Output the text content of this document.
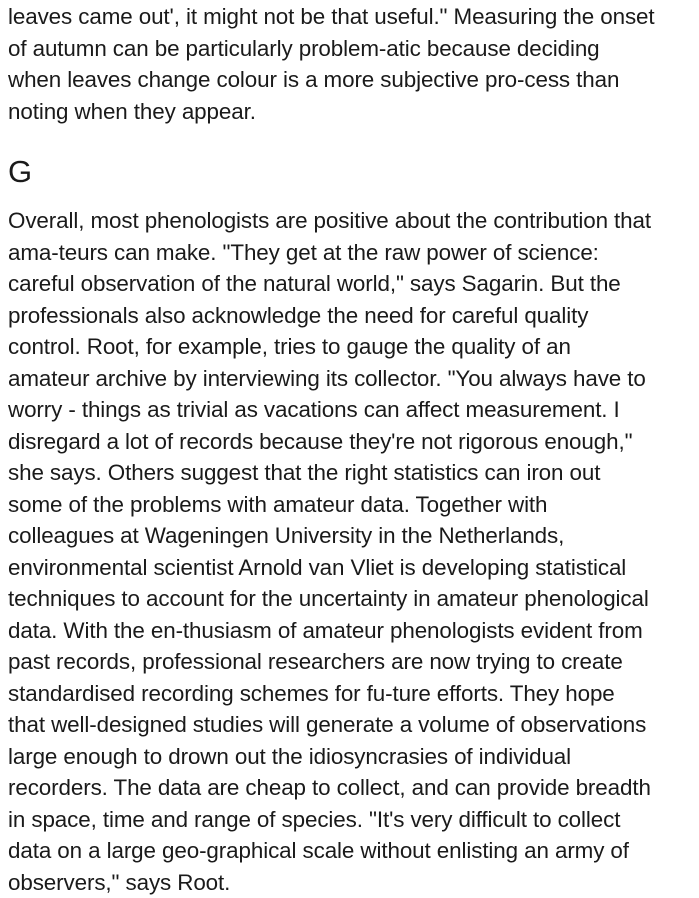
leaves came out', it might not be that useful." Measuring the onset
of autumn can be particularly problem-atic because deciding
when leaves change colour is a more subjective pro-cess than
noting when they appear.

G

Overall, most phenologists are positive about the contribution that
ama-teurs can make. "They get at the raw power of science:
careful observation of the natural world," says Sagarin. But the
professionals also acknowledge the need for careful quality
control. Root, for example, tries to gauge the quality of an
amateur archive by interviewing its collector. "You always have to
worry - things as trivial as vacations can affect measurement. I
disregard a lot of records because they're not rigorous enough,"
she says. Others suggest that the right statistics can iron out
some of the problems with amateur data. Together with
colleagues at Wageningen University in the Netherlands,
environmental scientist Arnold van Vliet is developing statistical
techniques to account for the uncertainty in amateur phenological
data. With the en-thusiasm of amateur phenologists evident from
past records, professional researchers are now trying to create
standardised recording schemes for fu-ture efforts. They hope
that well-designed studies will generate a volume of observations
large enough to drown out the idiosyncrasies of individual
recorders. The data are cheap to collect, and can provide breadth
in space, time and range of species. "It's very difficult to collect
data on a large geo-graphical scale without enlisting an army of
observers," says Root.
